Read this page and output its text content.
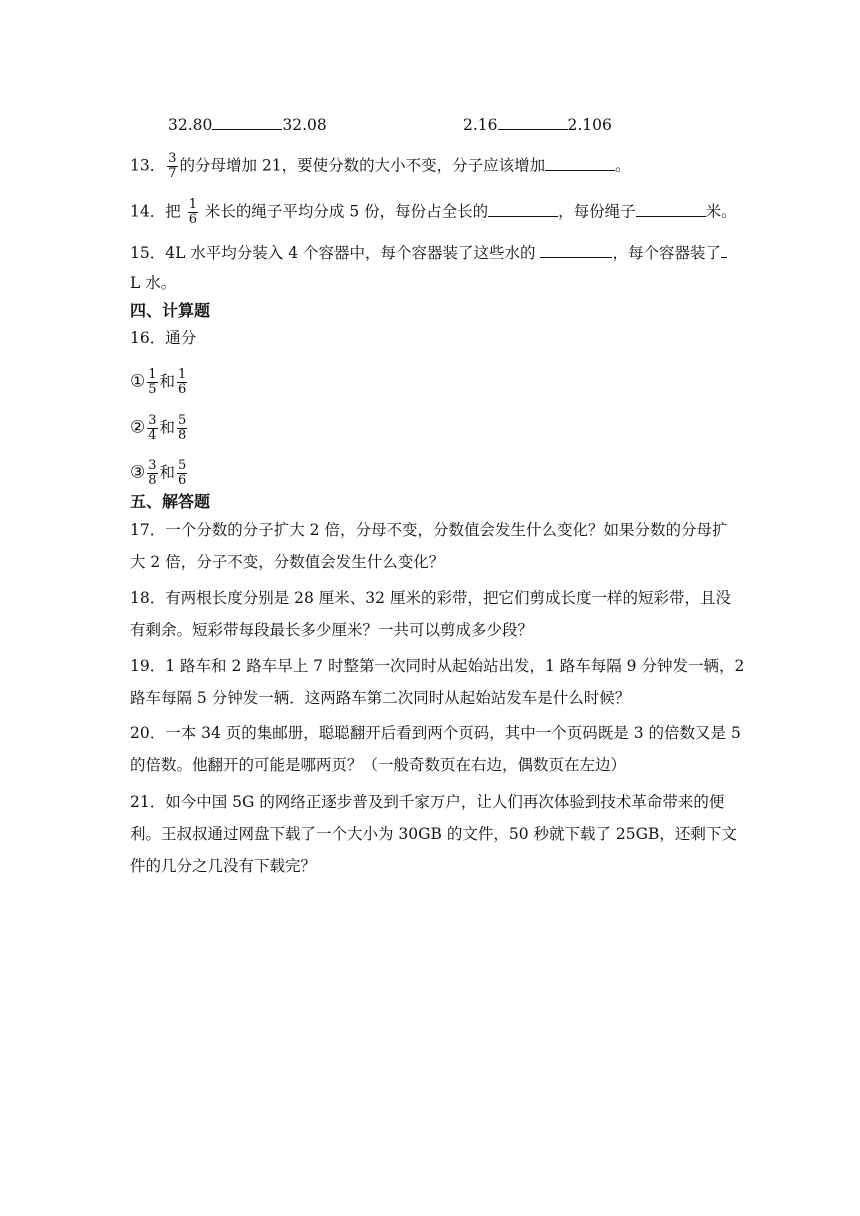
32.80	32.08	2.16	2.106
13． $\frac{3}{7}$ 的分母增加 21，要使分数的大小不变，分子应该增加	。
14．把 $\frac{1}{6}$ 米长的绳子平均分成 5 份，每份占全长的	，每份绳子	米。
15．4L 水平均分装入 4 个容器中，每个容器装了这些水的	，每个容器装了
L 水。
四、计算题
16．通分
① $\frac{1}{5}$ 和 $\frac{1}{6}$
② $\frac{3}{4}$ 和 $\frac{5}{8}$
③ $\frac{3}{8}$ 和 $\frac{5}{6}$
五、解答题
17．一个分数的分子扩大 2 倍，分母不变，分数值会发生什么变化？如果分数的分母扩
大 2 倍，分子不变，分数值会发生什么变化？
18．有两根长度分别是 28 厘米、32 厘米的彩带，把它们剪成长度一样的短彩带，且没
有剩余。短彩带每段最长多少厘米？一共可以剪成多少段？
19．1 路车和 2 路车早上 7 时整第一次同时从起始站出发，1 路车每隔 9 分钟发一辆，2
路车每隔 5 分钟发一辆．这两路车第二次同时从起始站发车是什么时候？
20．一本 34 页的集邮册，聪聪翻开后看到两个页码，其中一个页码既是 3 的倍数又是 5
的倍数。他翻开的可能是哪两页？（一般奇数页在右边，偶数页在左边）
21．如今中国 5G 的网络正逐步普及到千家万户，让人们再次体验到技术革命带来的便
利。王叔叔通过网盘下载了一个大小为 30GB 的文件，50 秒就下载了 25GB，还剩下文
件的几分之几没有下载完？
